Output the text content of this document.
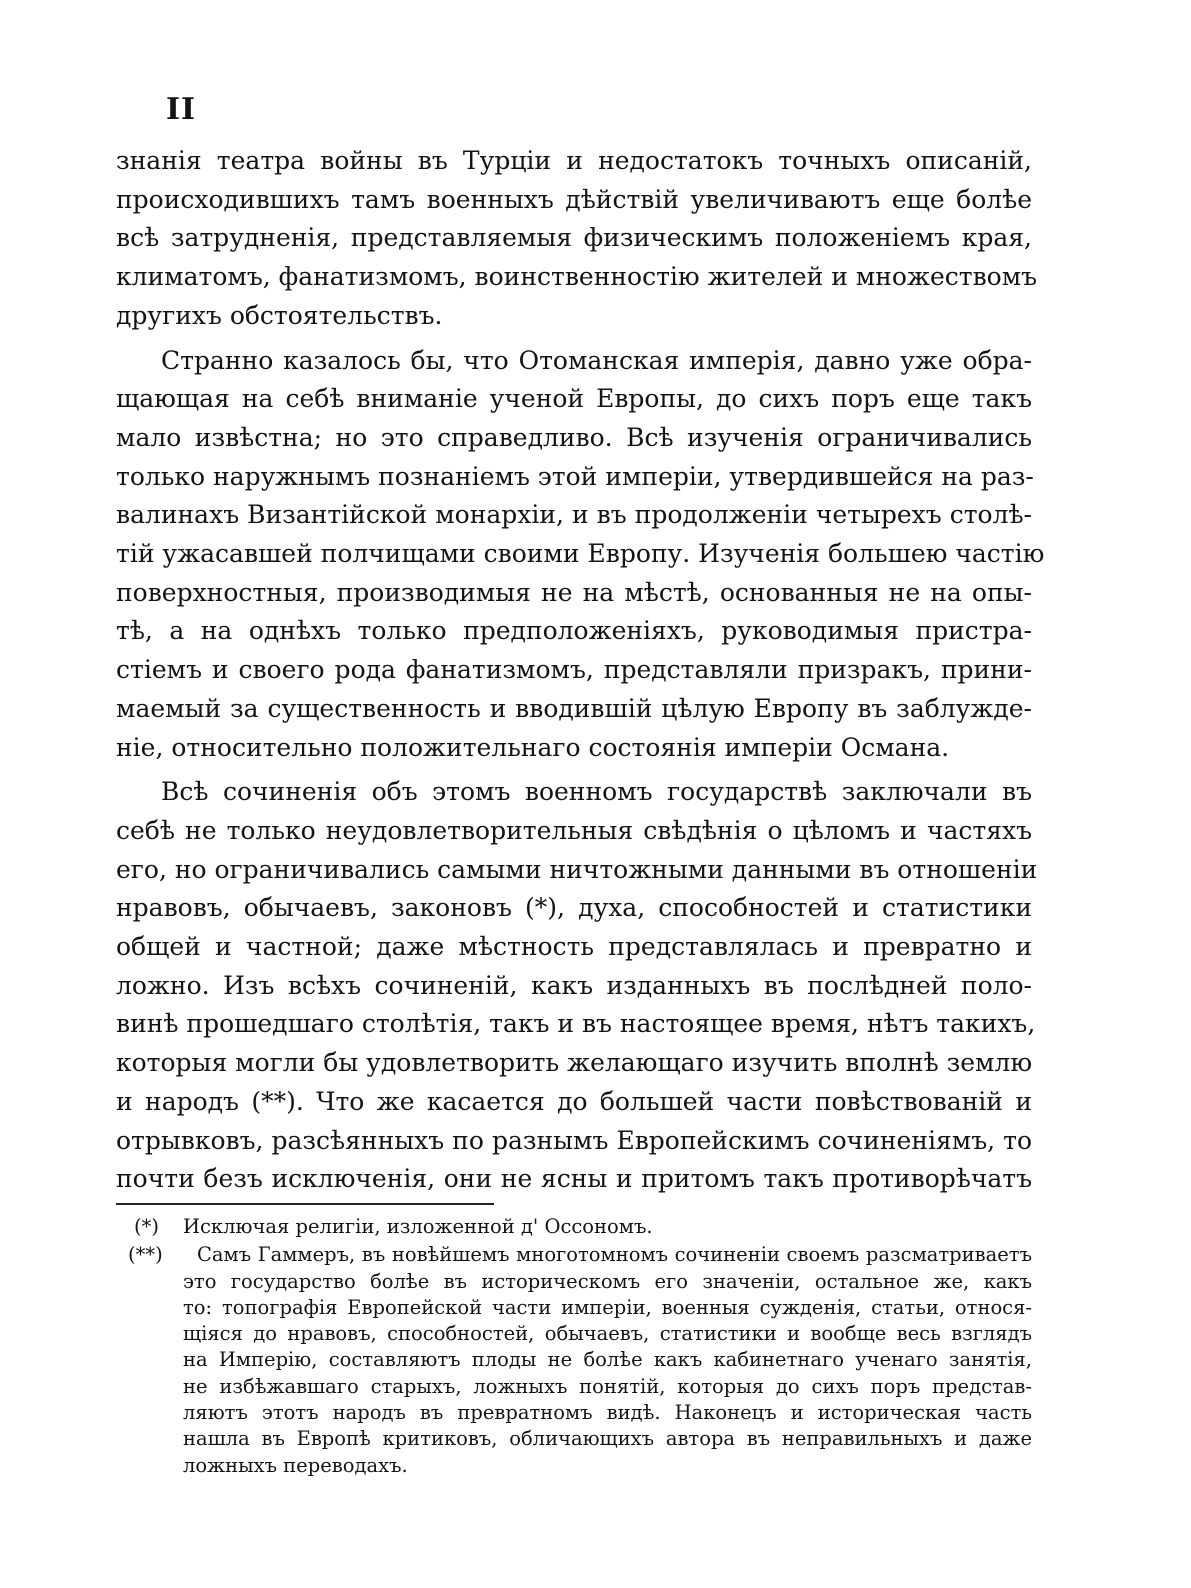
II

знанія театра войны въ Турціи и недостатокъ точныхъ описаній,
происходившихъ тамъ военныхъ дѣйствій увеличиваютъ еще болѣе
всѣ затрудненія, представляемыя физическимъ положеніемъ края,
климатомъ, фанатизмомъ, воинственностію жителей и множествомъ
другихъ обстоятельствъ.

Странно казалось бы, что Отоманская имперія, давно уже обра-
щающая на себѣ вниманіе ученой Европы, до сихъ поръ еще такъ
мало извѣстна; но это справедливо. Всѣ изученія ограничивались
только наружнымъ познаніемъ этой имперіи, утвердившейся на раз-
валинахъ Византійской монархіи, и въ продолженіи четырехъ столѣ-
тій ужасавшей полчищами своими Европу. Изученія большею частію
поверхностныя, производимыя не на мѣстѣ, основанныя не на опы-
тѣ, а на однѣхъ только предположеніяхъ, руководимыя пристра-
стіемъ и своего рода фанатизмомъ, представляли призракъ, прини-
маемый за существенность и вводившій цѣлую Европу въ заблужде-
ніе, относительно положительнаго состоянія имперіи Османа.

Всѣ сочиненія объ этомъ военномъ государствѣ заключали въ
себѣ не только неудовлетворительныя свѣдѣнія о цѣломъ и частяхъ
его, но ограничивались самыми ничтожными данными въ отношеніи
нравовъ, обычаевъ, законовъ (*), духа, способностей и статистики
общей и частной; даже мѣстность представлялась и превратно и
ложно. Изъ всѣхъ сочиненій, какъ изданныхъ въ послѣдней поло-
винѣ прошедшаго столѣтія, такъ и въ настоящее время, нѣтъ такихъ,
которыя могли бы удовлетворить желающаго изучить вполнѣ землю
и народъ (**). Что же касается до большей части повѣствованій и
отрывковъ, разсѣянныхъ по разнымъ Европейскимъ сочиненіямъ, то
почти безъ исключенія, они не ясны и притомъ такъ противорѣчатъ

(*) Исключая религіи, изложенной д' Оссономъ.
(**)	Самъ Гаммеръ, въ новѣйшемъ многотомномъ сочиненіи своемъ разсматриваетъ
это государство болѣе въ историческомъ его значеніи, остальное же, какъ
то: топографія Европейской части имперіи, военныя сужденія, статьи, относя-
щіяся до нравовъ, способностей, обычаевъ, статистики и вообще весь взглядъ
на Имперію, составляютъ плоды не болѣе какъ кабинетнаго ученаго занятія,
не избѣжавшаго старыхъ, ложныхъ понятій, которыя до сихъ поръ представ-
ляютъ этотъ народъ въ превратномъ видѣ. Наконецъ и историческая часть
нашла въ Европѣ критиковъ, обличающихъ автора въ неправильныхъ и даже
ложныхъ переводахъ.
